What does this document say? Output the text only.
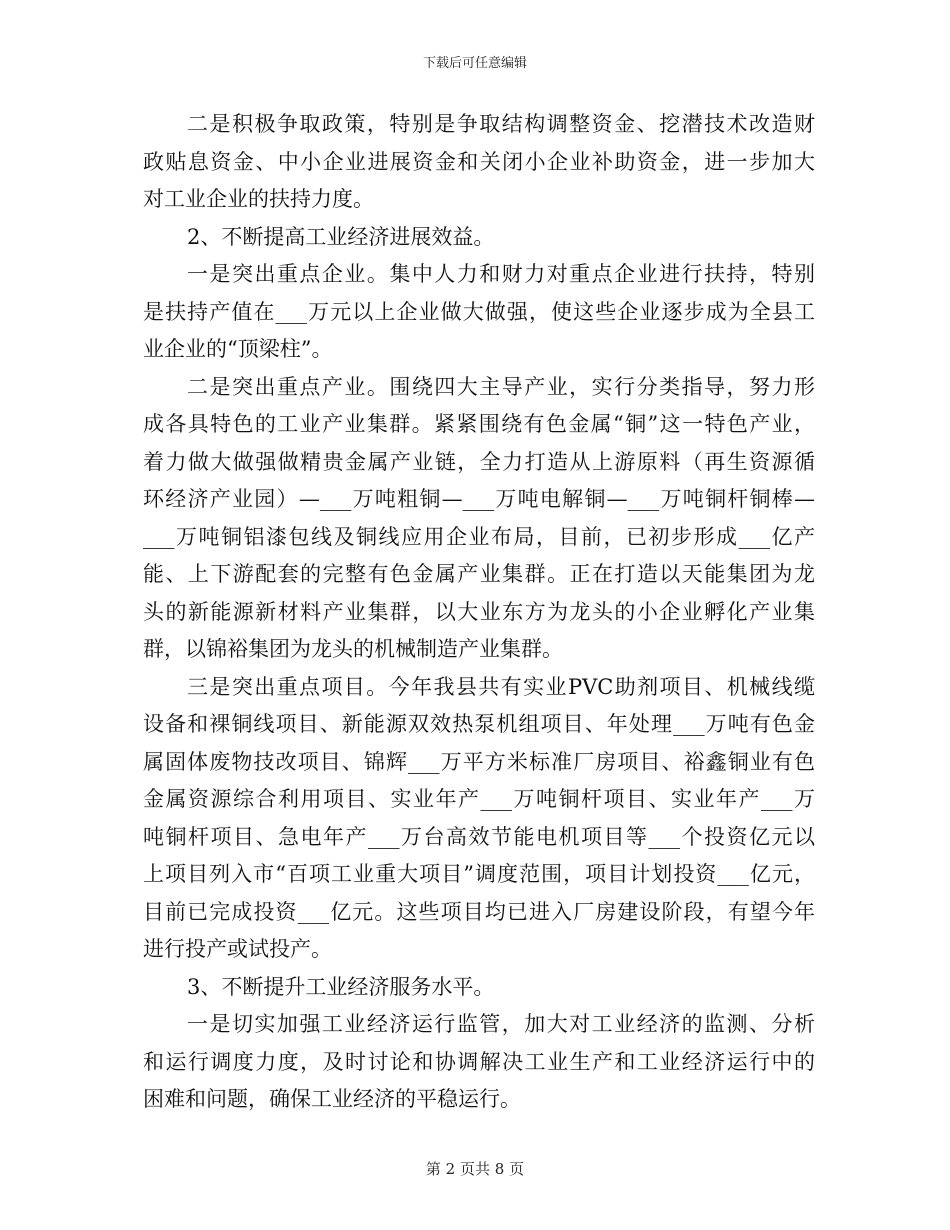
下载后可任意编辑
二是积极争取政策，特别是争取结构调整资金、挖潜技术改造财
政贴息资金、中小企业进展资金和关闭小企业补助资金，进一步加大
对工业企业的扶持力度。
2、不断提高工业经济进展效益。
一是突出重点企业。集中人力和财力对重点企业进行扶持，特别
是扶持产值在___万元以上企业做大做强，使这些企业逐步成为全县工
业企业的“顶梁柱”。
二是突出重点产业。围绕四大主导产业，实行分类指导，努力形
成各具特色的工业产业集群。紧紧围绕有色金属“铜”这一特色产业，
着力做大做强做精贵金属产业链，全力打造从上游原料（再生资源循
环经济产业园）—___万吨粗铜—___万吨电解铜—___万吨铜杆铜棒—
___万吨铜铝漆包线及铜线应用企业布局，目前，已初步形成___亿产
能、上下游配套的完整有色金属产业集群。正在打造以天能集团为龙
头的新能源新材料产业集群，以大业东方为龙头的小企业孵化产业集
群，以锦裕集团为龙头的机械制造产业集群。
三是突出重点项目。今年我县共有实业PVC助剂项目、机械线缆
设备和裸铜线项目、新能源双效热泵机组项目、年处理___万吨有色金
属固体废物技改项目、锦辉___万平方米标准厂房项目、裕鑫铜业有色
金属资源综合利用项目、实业年产___万吨铜杆项目、实业年产___万
吨铜杆项目、急电年产___万台高效节能电机项目等___个投资亿元以
上项目列入市“百项工业重大项目”调度范围，项目计划投资___亿元，
目前已完成投资___亿元。这些项目均已进入厂房建设阶段，有望今年
进行投产或试投产。
3、不断提升工业经济服务水平。
一是切实加强工业经济运行监管，加大对工业经济的监测、分析
和运行调度力度，及时讨论和协调解决工业生产和工业经济运行中的
困难和问题，确保工业经济的平稳运行。
第 2 页共 8 页
